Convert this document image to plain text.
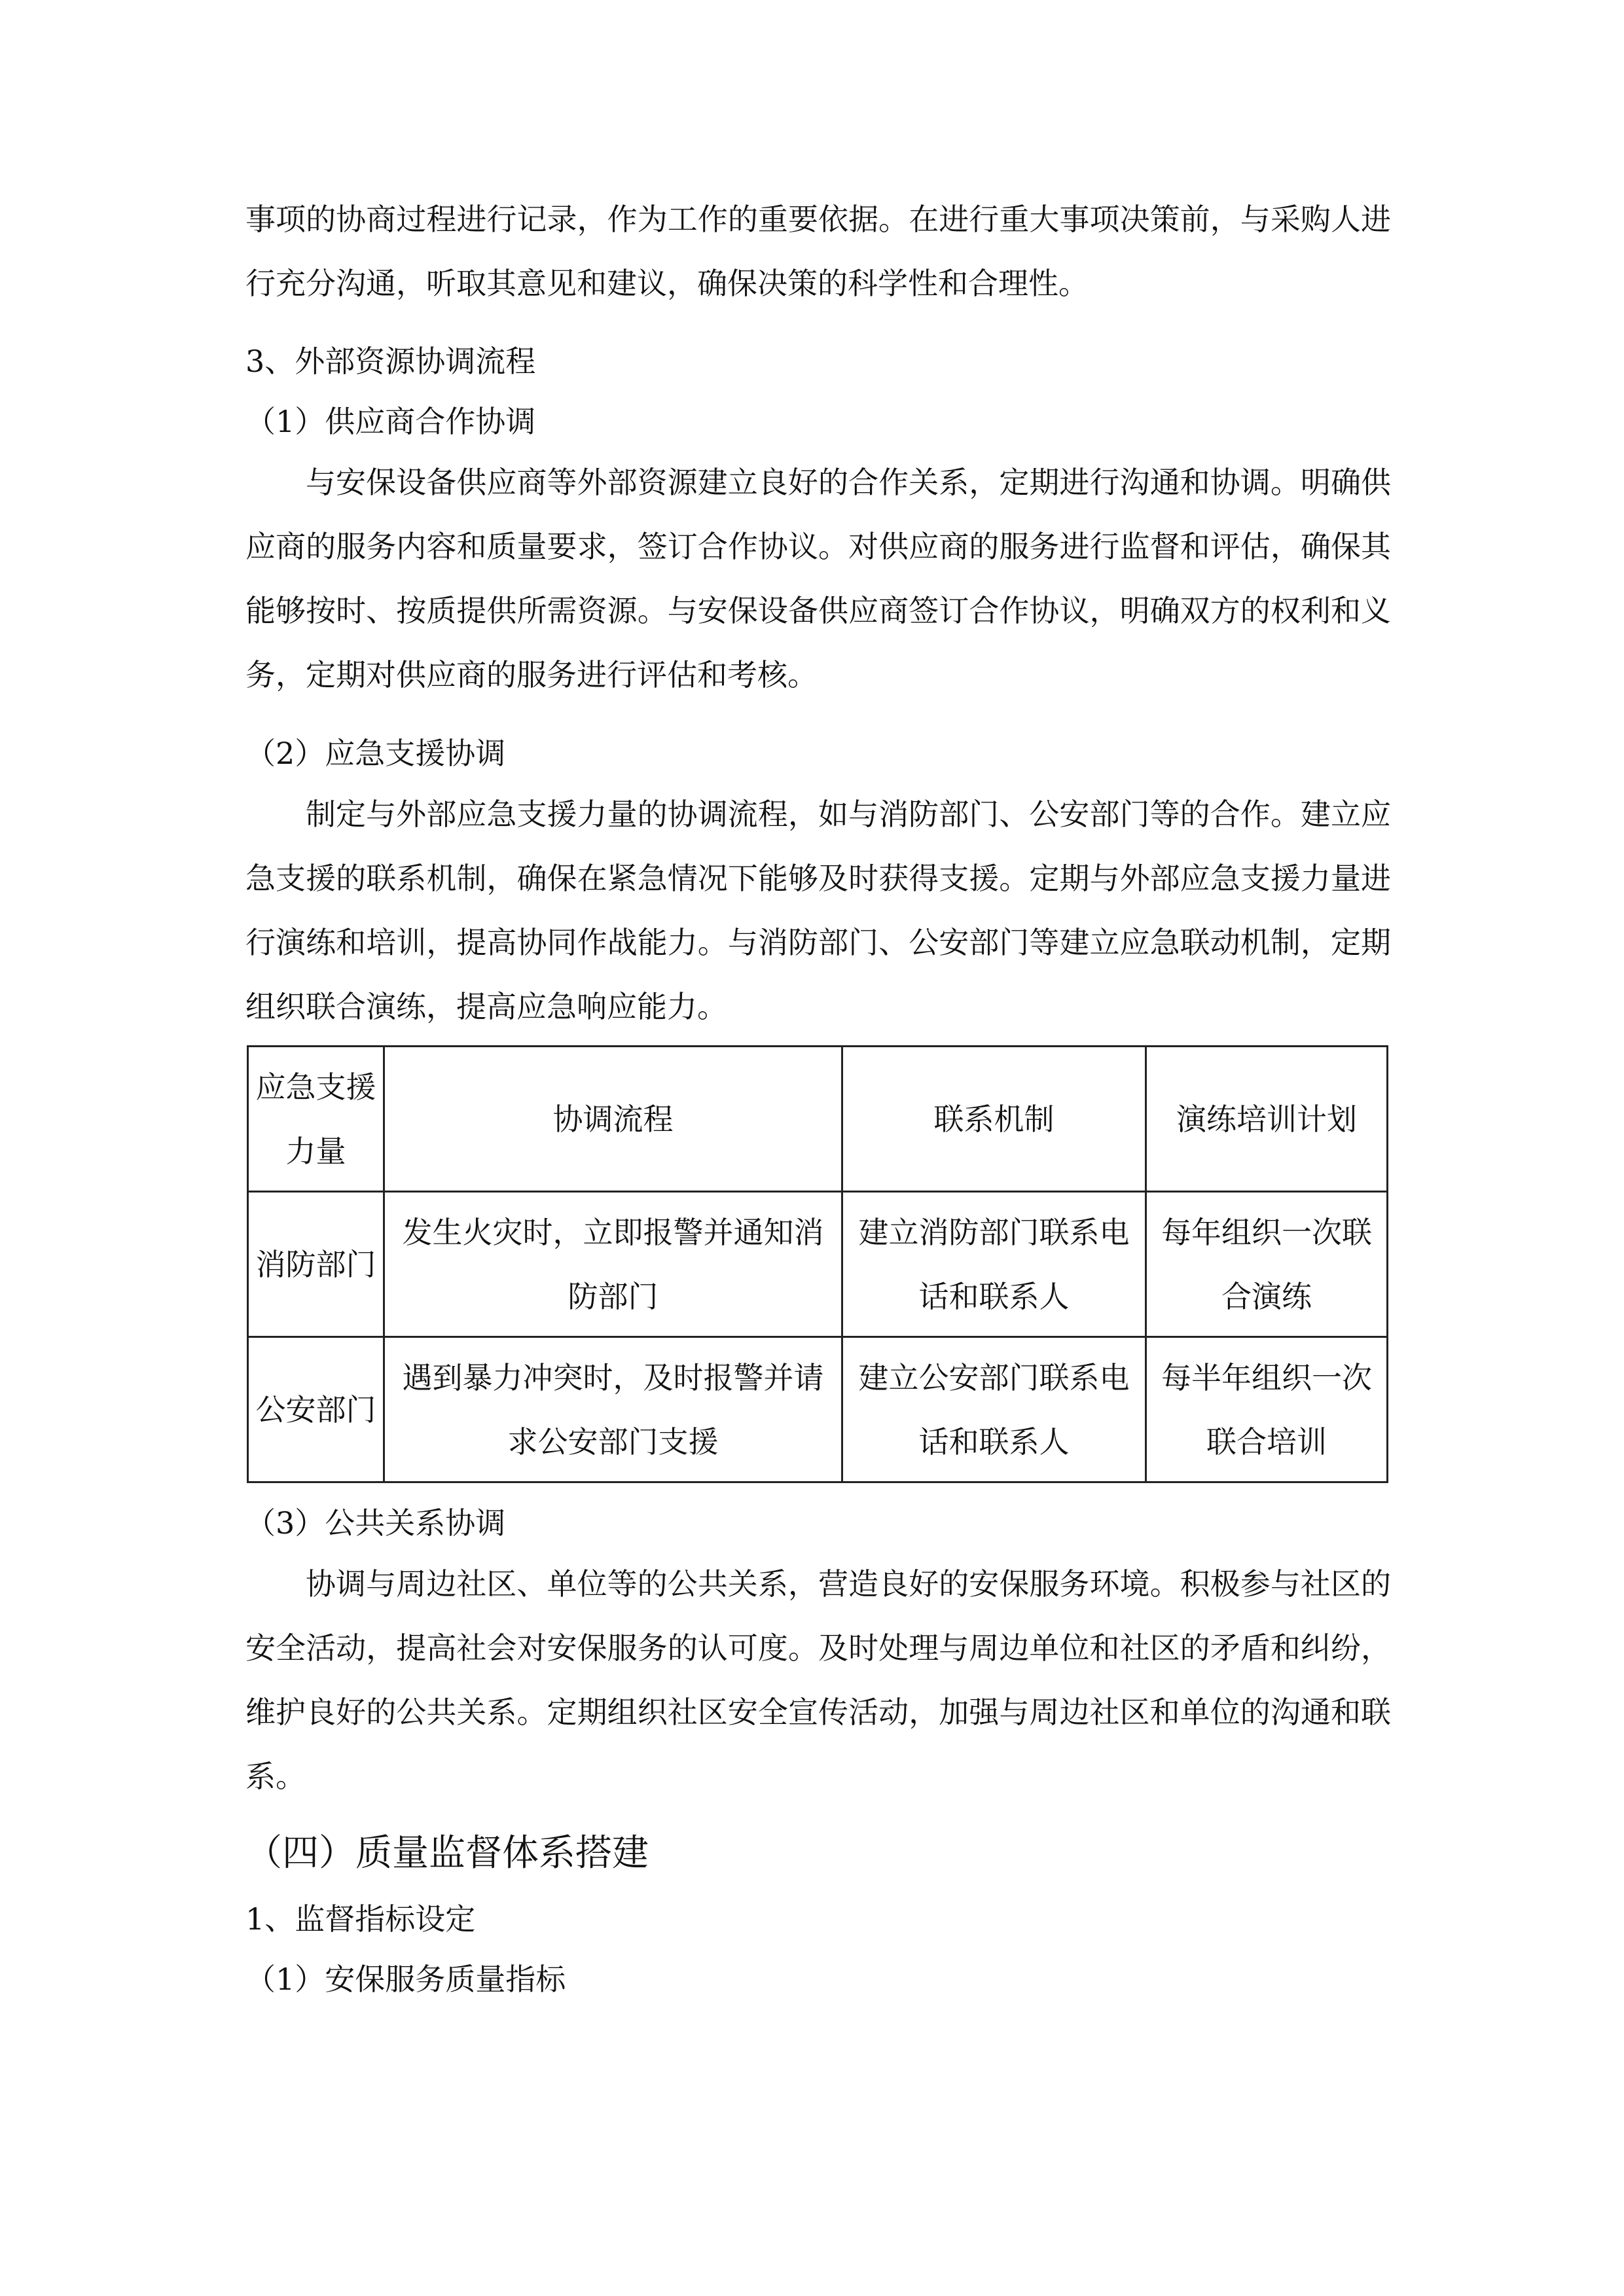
事项的协商过程进行记录，作为工作的重要依据。在进行重大事项决策前，与采购人进行充分沟通，听取其意见和建议，确保决策的科学性和合理性。
3、外部资源协调流程
（1）供应商合作协调
与安保设备供应商等外部资源建立良好的合作关系，定期进行沟通和协调。明确供应商的服务内容和质量要求，签订合作协议。对供应商的服务进行监督和评估，确保其能够按时、按质提供所需资源。与安保设备供应商签订合作协议，明确双方的权利和义务，定期对供应商的服务进行评估和考核。
（2）应急支援协调
制定与外部应急支援力量的协调流程，如与消防部门、公安部门等的合作。建立应急支援的联系机制，确保在紧急情况下能够及时获得支援。定期与外部应急支援力量进行演练和培训，提高协同作战能力。与消防部门、公安部门等建立应急联动机制，定期组织联合演练，提高应急响应能力。
应急支援力量	协调流程	联系机制	演练培训计划
消防部门	发生火灾时，立即报警并通知消防部门	建立消防部门联系电话和联系人	每年组织一次联合演练
公安部门	遇到暴力冲突时，及时报警并请求公安部门支援	建立公安部门联系电话和联系人	每半年组织一次联合培训
（3）公共关系协调
协调与周边社区、单位等的公共关系，营造良好的安保服务环境。积极参与社区的安全活动，提高社会对安保服务的认可度。及时处理与周边单位和社区的矛盾和纠纷，维护良好的公共关系。定期组织社区安全宣传活动，加强与周边社区和单位的沟通和联系。
（四）质量监督体系搭建
1、监督指标设定
（1）安保服务质量指标
